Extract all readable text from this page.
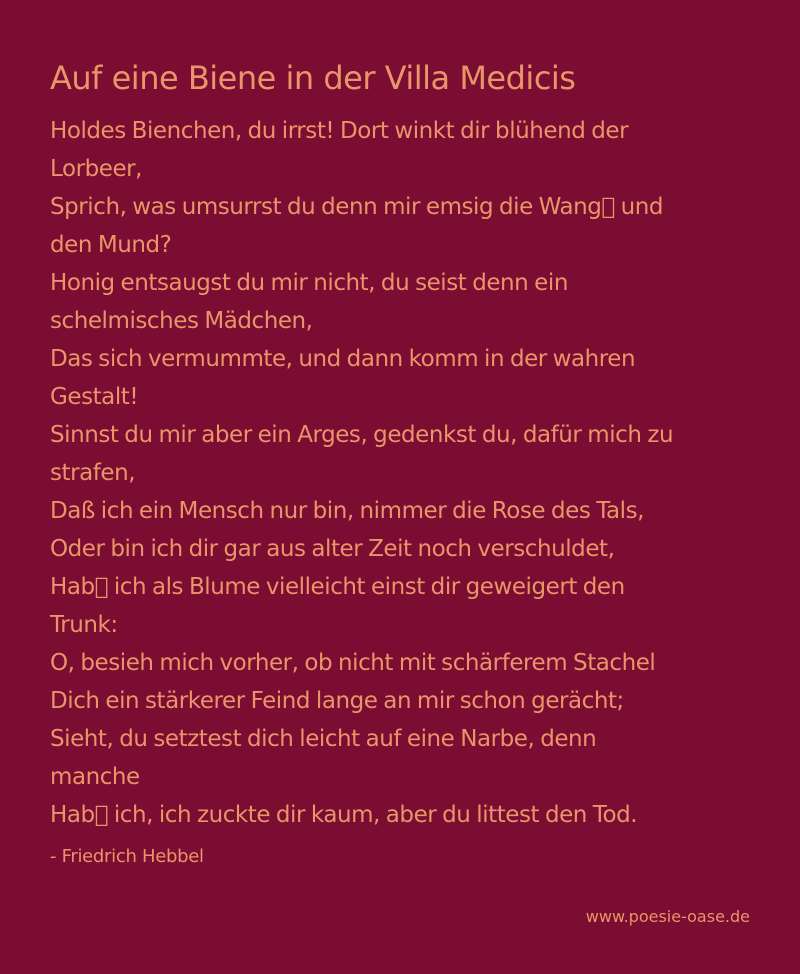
Auf eine Biene in der Villa Medicis
Holdes Bienchen, du irrst! Dort winkt dir blühend der
Lorbeer,
Sprich, was umsurrst du denn mir emsig die Wang  und
den Mund?
Honig entsaugst du mir nicht, du seist denn ein
schelmisches Mädchen,
Das sich vermummte, und dann komm in der wahren
Gestalt!
Sinnst du mir aber ein Arges, gedenkst du, dafür mich zu
strafen,
Daß ich ein Mensch nur bin, nimmer die Rose des Tals,
Oder bin ich dir gar aus alter Zeit noch verschuldet,
Hab  ich als Blume vielleicht einst dir geweigert den
Trunk:
O, besieh mich vorher, ob nicht mit schärferem Stachel
Dich ein stärkerer Feind lange an mir schon gerächt;
Sieht, du setztest dich leicht auf eine Narbe, denn
manche
Hab  ich, ich zuckte dir kaum, aber du littest den Tod.
- Friedrich Hebbel
www.poesie-oase.de
